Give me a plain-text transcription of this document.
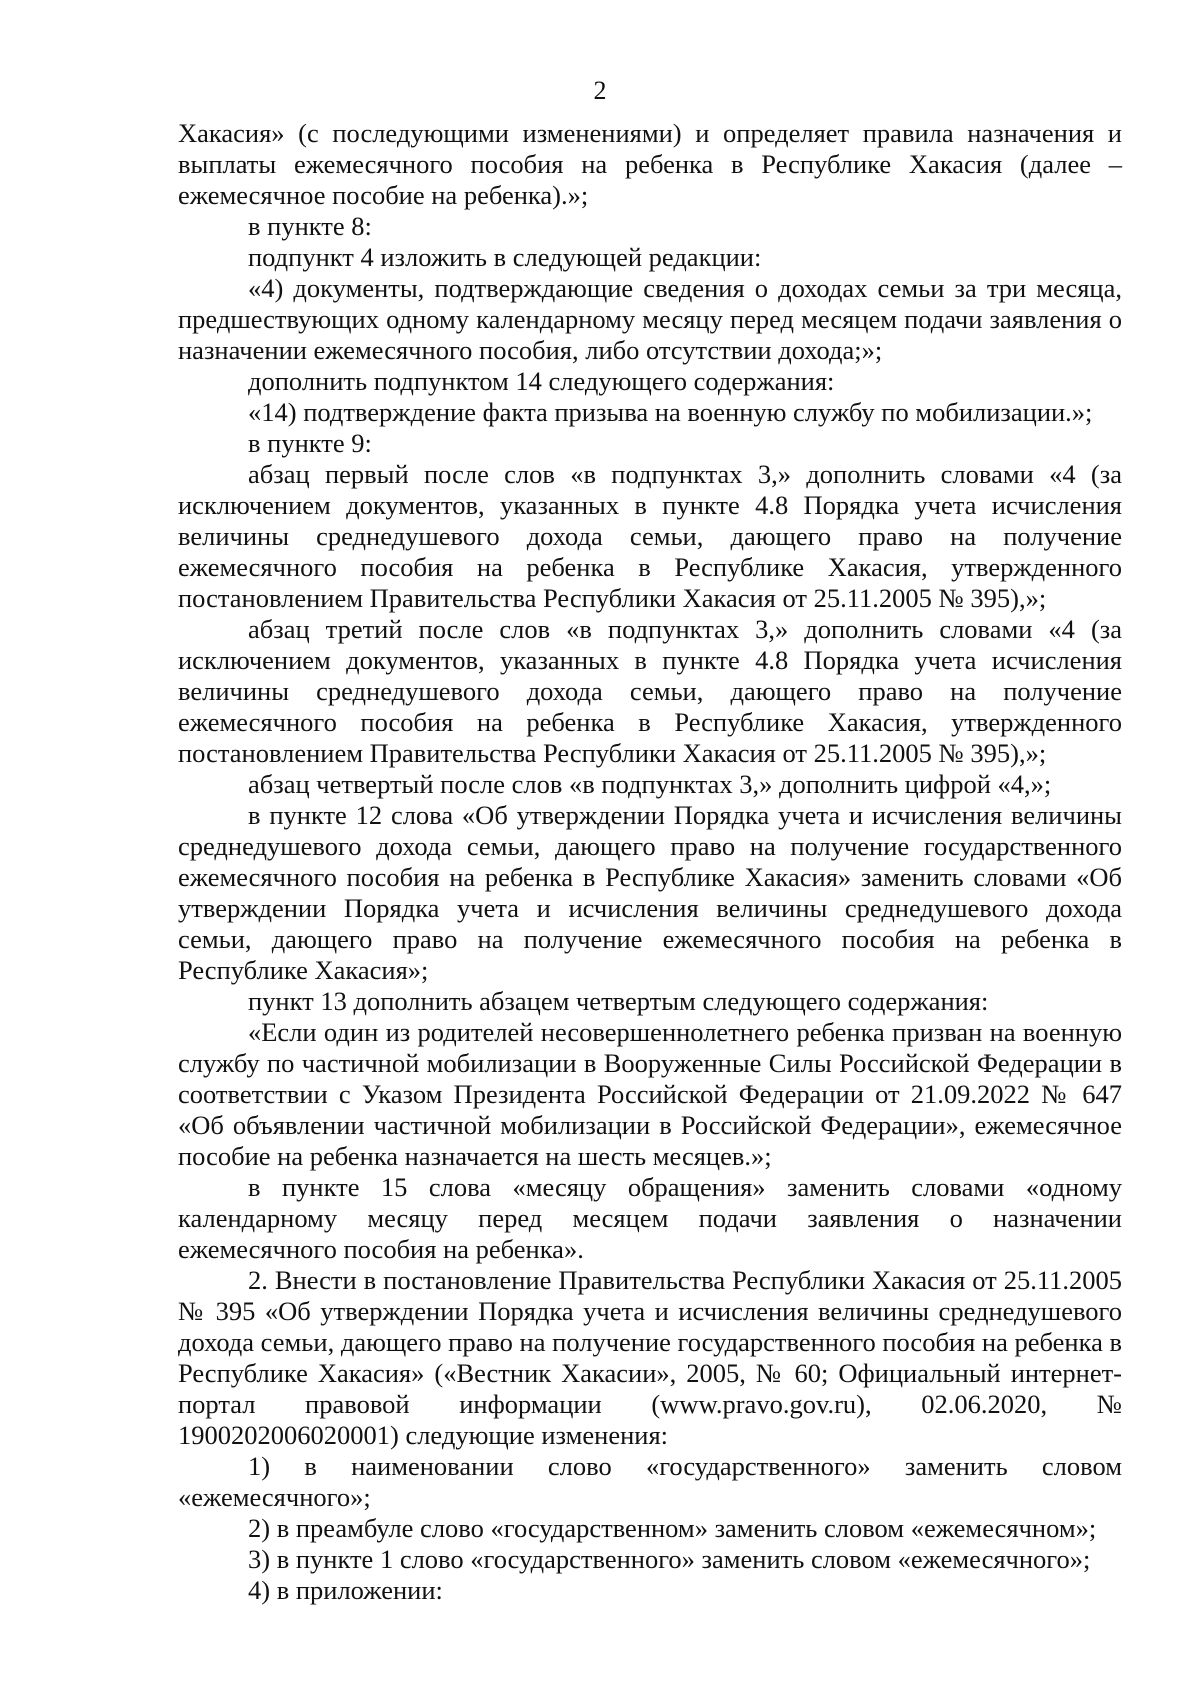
2

Хакасия» (с последующими изменениями) и определяет правила назначения и выплаты ежемесячного пособия на ребенка в Республике Хакасия (далее – ежемесячное пособие на ребенка).»;

в пункте 8:

подпункт 4 изложить в следующей редакции:

«4) документы, подтверждающие сведения о доходах семьи за три месяца, предшествующих одному календарному месяцу перед месяцем подачи заявления о назначении ежемесячного пособия, либо отсутствии дохода;»;

дополнить подпунктом 14 следующего содержания:

«14) подтверждение факта призыва на военную службу по мобилизации.»;

в пункте 9:

абзац первый после слов «в подпунктах 3,» дополнить словами «4 (за исключением документов, указанных в пункте 4.8 Порядка учета исчисления величины среднедушевого дохода семьи, дающего право на получение ежемесячного пособия на ребенка в Республике Хакасия, утвержденного постановлением Правительства Республики Хакасия от 25.11.2005 № 395),»;

абзац третий после слов «в подпунктах 3,» дополнить словами «4 (за исключением документов, указанных в пункте 4.8 Порядка учета исчисления величины среднедушевого дохода семьи, дающего право на получение ежемесячного пособия на ребенка в Республике Хакасия, утвержденного постановлением Правительства Республики Хакасия от 25.11.2005 № 395),»;

абзац четвертый после слов «в подпунктах 3,» дополнить цифрой «4,»;

в пункте 12 слова «Об утверждении Порядка учета и исчисления величины среднедушевого дохода семьи, дающего право на получение государственного ежемесячного пособия на ребенка в Республике Хакасия» заменить словами «Об утверждении Порядка учета и исчисления величины среднедушевого дохода семьи, дающего право на получение ежемесячного пособия на ребенка в Республике Хакасия»;

пункт 13 дополнить абзацем четвертым следующего содержания:

«Если один из родителей несовершеннолетнего ребенка призван на военную службу по частичной мобилизации в Вооруженные Силы Российской Федерации в соответствии с Указом Президента Российской Федерации от 21.09.2022 № 647 «Об объявлении частичной мобилизации в Российской Федерации», ежемесячное пособие на ребенка назначается на шесть месяцев.»;

в пункте 15 слова «месяцу обращения» заменить словами «одному календарному месяцу перед месяцем подачи заявления о назначении ежемесячного пособия на ребенка».

2. Внести в постановление Правительства Республики Хакасия от 25.11.2005 № 395 «Об утверждении Порядка учета и исчисления величины среднедушевого дохода семьи, дающего право на получение государственного пособия на ребенка в Республике Хакасия» («Вестник Хакасии», 2005, № 60; Официальный интернет-портал правовой информации (www.pravo.gov.ru), 02.06.2020, № 1900202006020001) следующие изменения:

1) в наименовании слово «государственного» заменить словом «ежемесячного»;

2) в преамбуле слово «государственном» заменить словом «ежемесячном»;

3) в пункте 1 слово «государственного» заменить словом «ежемесячного»;

4) в приложении:
